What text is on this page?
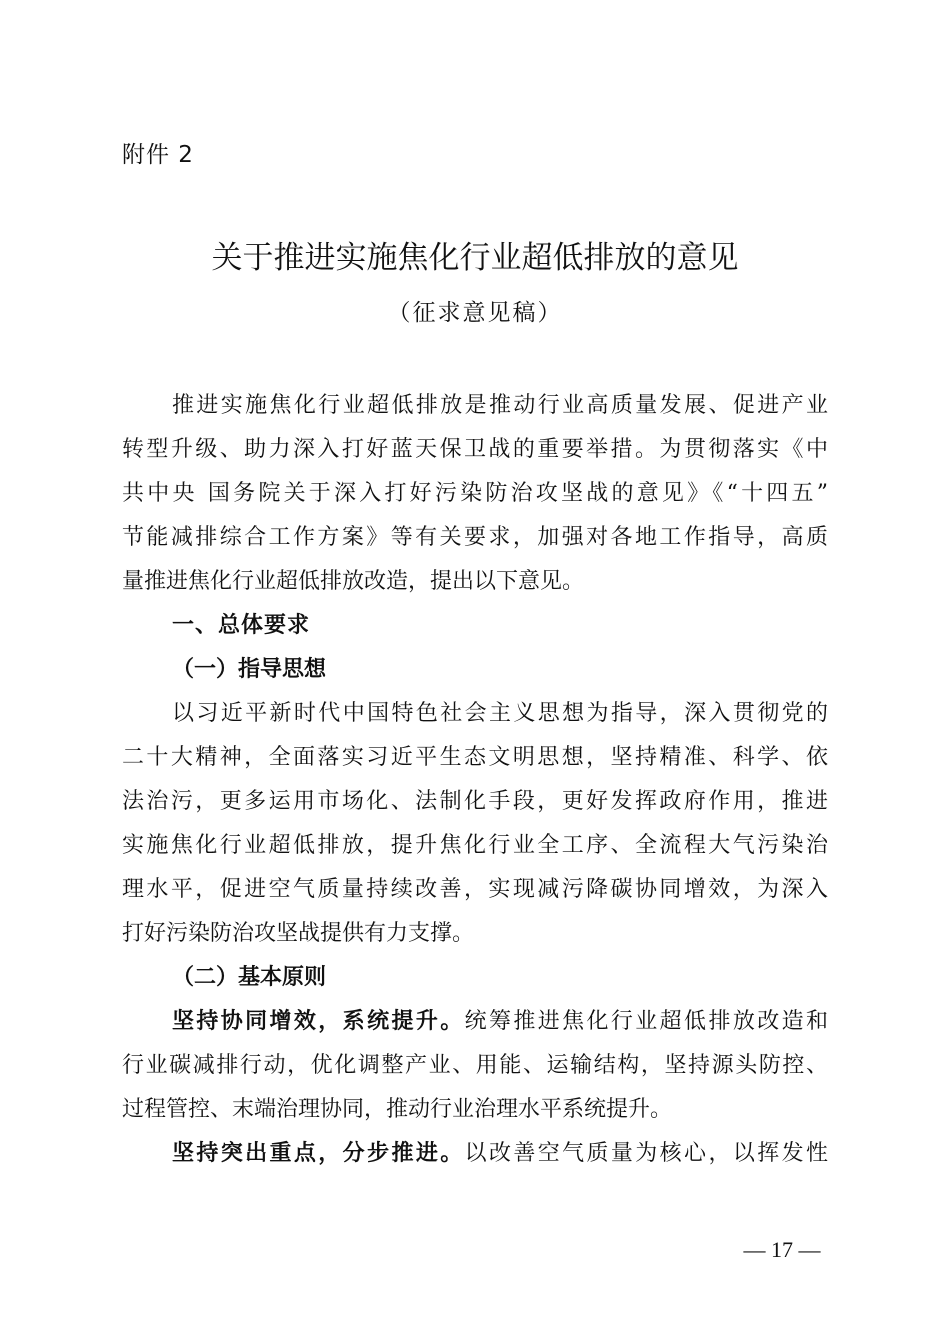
附件 2
关于推进实施焦化行业超低排放的意见
（征求意见稿）
推进实施焦化行业超低排放是推动行业高质量发展、促进产业
转型升级、助力深入打好蓝天保卫战的重要举措。为贯彻落实《中
共中央 国务院关于深入打好污染防治攻坚战的意见》《“十四五”
节能减排综合工作方案》等有关要求，加强对各地工作指导，高质
量推进焦化行业超低排放改造，提出以下意见。
一、总体要求
（一）指导思想
以习近平新时代中国特色社会主义思想为指导，深入贯彻党的
二十大精神，全面落实习近平生态文明思想，坚持精准、科学、依
法治污，更多运用市场化、法制化手段，更好发挥政府作用，推进
实施焦化行业超低排放，提升焦化行业全工序、全流程大气污染治
理水平，促进空气质量持续改善，实现减污降碳协同增效，为深入
打好污染防治攻坚战提供有力支撑。
（二）基本原则
坚持协同增效，系统提升。统筹推进焦化行业超低排放改造和
行业碳减排行动，优化调整产业、用能、运输结构，坚持源头防控、
过程管控、末端治理协同，推动行业治理水平系统提升。
坚持突出重点，分步推进。以改善空气质量为核心，以挥发性
— 17 —
